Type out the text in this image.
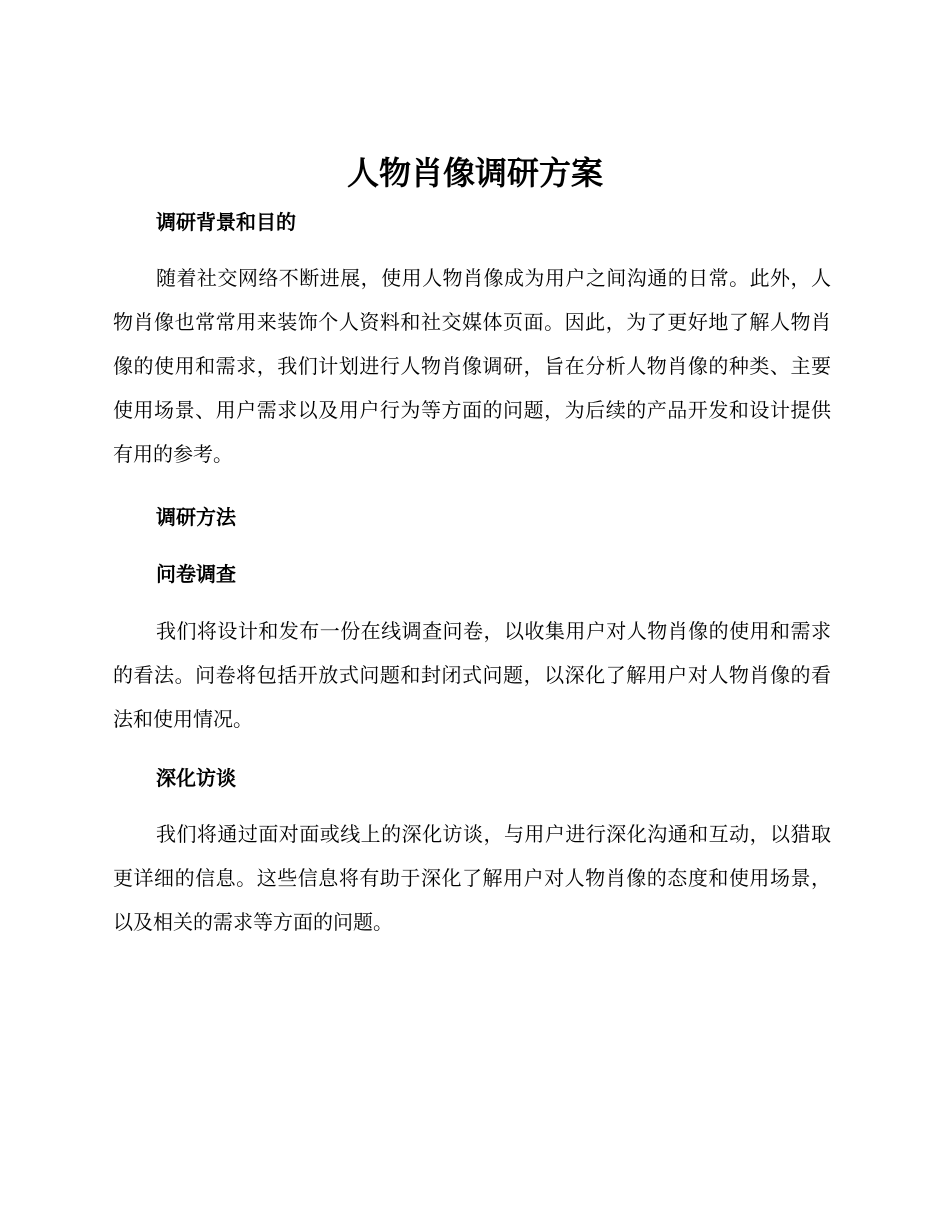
人物肖像调研方案
调研背景和目的

随着社交网络不断进展，使用人物肖像成为用户之间沟通的日常。此外，人物肖像也常常用来装饰个人资料和社交媒体页面。因此，为了更好地了解人物肖像的使用和需求，我们计划进行人物肖像调研，旨在分析人物肖像的种类、主要使用场景、用户需求以及用户行为等方面的问题，为后续的产品开发和设计提供有用的参考。

调研方法
问卷调查

我们将设计和发布一份在线调查问卷，以收集用户对人物肖像的使用和需求的看法。问卷将包括开放式问题和封闭式问题，以深化了解用户对人物肖像的看法和使用情况。

深化访谈

我们将通过面对面或线上的深化访谈，与用户进行深化沟通和互动，以猎取更详细的信息。这些信息将有助于深化了解用户对人物肖像的态度和使用场景，以及相关的需求等方面的问题。
